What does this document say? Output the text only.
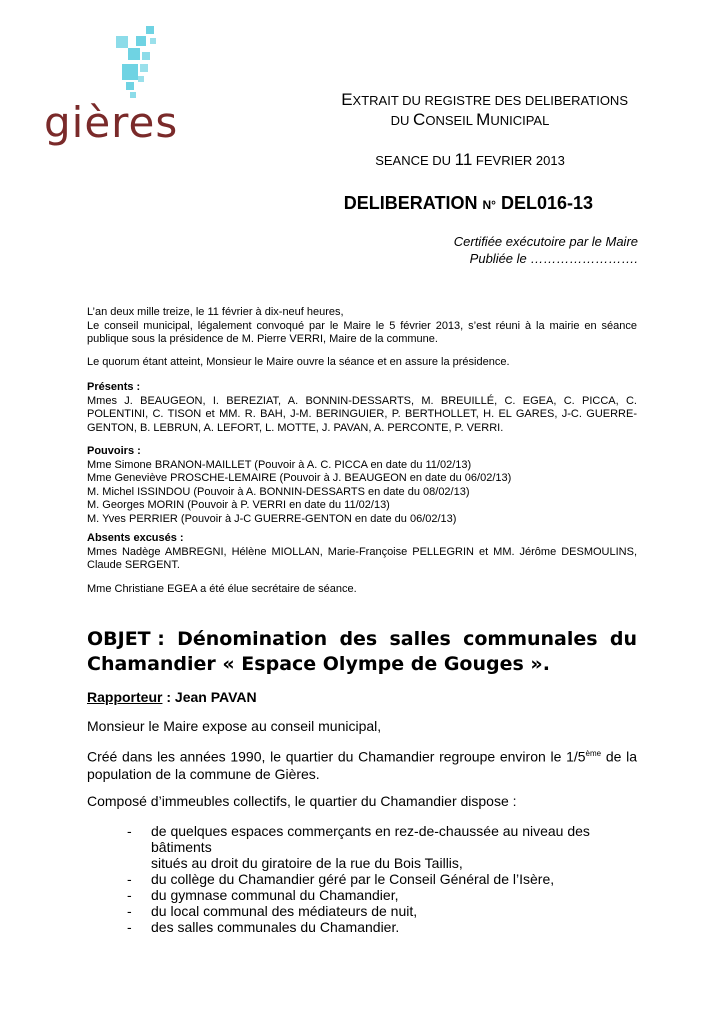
gières	EXTRAIT DU REGISTRE DES DELIBERATIONS
DU CONSEIL MUNICIPAL
SEANCE DU 11 FEVRIER 2013
DELIBERATION N° DEL016-13
Certifiée exécutoire par le Maire
Publiée le …………………….
L’an deux mille treize, le 11 février à dix-neuf heures,
Le conseil municipal, légalement convoqué par le Maire le 5 février 2013, s’est réuni à la mairie en séance publique sous la présidence de M. Pierre VERRI, Maire de la commune.
Le quorum étant atteint, Monsieur le Maire ouvre la séance et en assure la présidence.
Présents :
Mmes J. BEAUGEON, I. BEREZIAT, A. BONNIN-DESSARTS, M. BREUILLÉ, C. EGEA, C. PICCA, C. POLENTINI, C. TISON et MM. R. BAH, J-M. BERINGUIER, P. BERTHOLLET, H. EL GARES, J-C. GUERRE-GENTON, B. LEBRUN, A. LEFORT, L. MOTTE, J. PAVAN, A. PERCONTE, P. VERRI.
Pouvoirs :
Mme Simone BRANON-MAILLET (Pouvoir à A. C. PICCA en date du 11/02/13)
Mme Geneviève PROSCHE-LEMAIRE (Pouvoir à J. BEAUGEON en date du 06/02/13)
M. Michel ISSINDOU (Pouvoir à A. BONNIN-DESSARTS en date du 08/02/13)
M. Georges MORIN (Pouvoir à P. VERRI en date du 11/02/13)
M. Yves PERRIER (Pouvoir à J-C GUERRE-GENTON en date du 06/02/13)
Absents excusés :
Mmes Nadège AMBREGNI, Hélène MIOLLAN, Marie-Françoise PELLEGRIN et MM. Jérôme DESMOULINS, Claude SERGENT.
Mme Christiane EGEA a été élue secrétaire de séance.
OBJET : Dénomination des salles communales du
Chamandier « Espace Olympe de Gouges ».
Rapporteur : Jean PAVAN
Monsieur le Maire expose au conseil municipal,
Créé dans les années 1990, le quartier du Chamandier regroupe environ le 1/5ème de la population de la commune de Gières.
Composé d’immeubles collectifs, le quartier du Chamandier dispose :
-	de quelques espaces commerçants en rez-de-chaussée au niveau des bâtiments
situés au droit du giratoire de la rue du Bois Taillis,
-	du collège du Chamandier géré par le Conseil Général de l’Isère,
-	du gymnase communal du Chamandier,
-	du local communal des médiateurs de nuit,
-	des salles communales du Chamandier.
